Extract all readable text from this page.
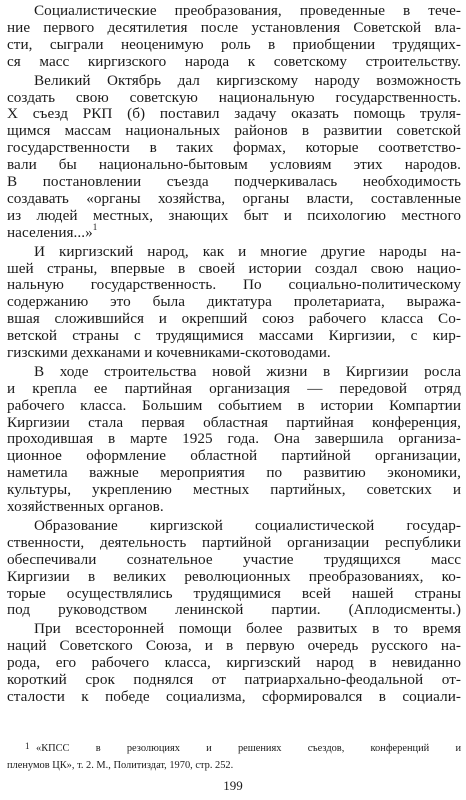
Социалистические преобразования, проведенные в тече-
ние первого десятилетия после установления Советской вла-
сти, сыграли неоценимую роль в приобщении трудящих-
ся масс киргизского народа к советскому строительству.
Великий Октябрь дал киргизскому народу возможность
создать свою советскую национальную государственность.
X съезд РКП (б) поставил задачу оказать помощь труля-
щимся массам национальных районов в развитии советской
государственности в таких формах, которые соответство-
вали бы национально-бытовым условиям этих народов.
В постановлении съезда подчеркивалась необходимость
создавать «органы хозяйства, органы власти, составленные
из людей местных, знающих быт и психологию местного
населения...»$^1$
И киргизский народ, как и многие другие народы на-
шей страны, впервые в своей истории создал свою нацио-
нальную государственность. По социально-политическому
содержанию это была диктатура пролетариата, выража-
вшая сложившийся и окрепший союз рабочего класса Со-
ветской страны с трудящимися массами Киргизии, с кир-
гизскими дехканами и кочевниками-скотоводами.
В ходе строительства новой жизни в Киргизии росла
и крепла ее партийная организация — передовой отряд
рабочего класса. Большим событием в истории Компартии
Киргизии стала первая областная партийная конференция,
проходившая в марте 1925 года. Она завершила организа-
ционное оформление областной партийной организации,
наметила важные мероприятия по развитию экономики,
культуры, укреплению местных партийных, советских и
хозяйственных органов.
Образование киргизской социалистической государ-
ственности, деятельность партийной организации республики
обеспечивали сознательное участие трудящихся масс
Киргизии в великих революционных преобразованиях, ко-
торые осуществлялись трудящимися всей нашей страны
под руководством ленинской партии. (Аплодисменты.)
При всесторонней помощи более развитых в то время
наций Советского Союза, и в первую очередь русского на-
рода, его рабочего класса, киргизский народ в невиданно
короткий срок поднялся от патриархально-феодальной от-
сталости к победе социализма, сформировался в социали-
1 «КПСС в резолюциях и решениях съездов, конференций и
пленумов ЦК», т. 2. М., Политиздат, 1970, стр. 252.
199
